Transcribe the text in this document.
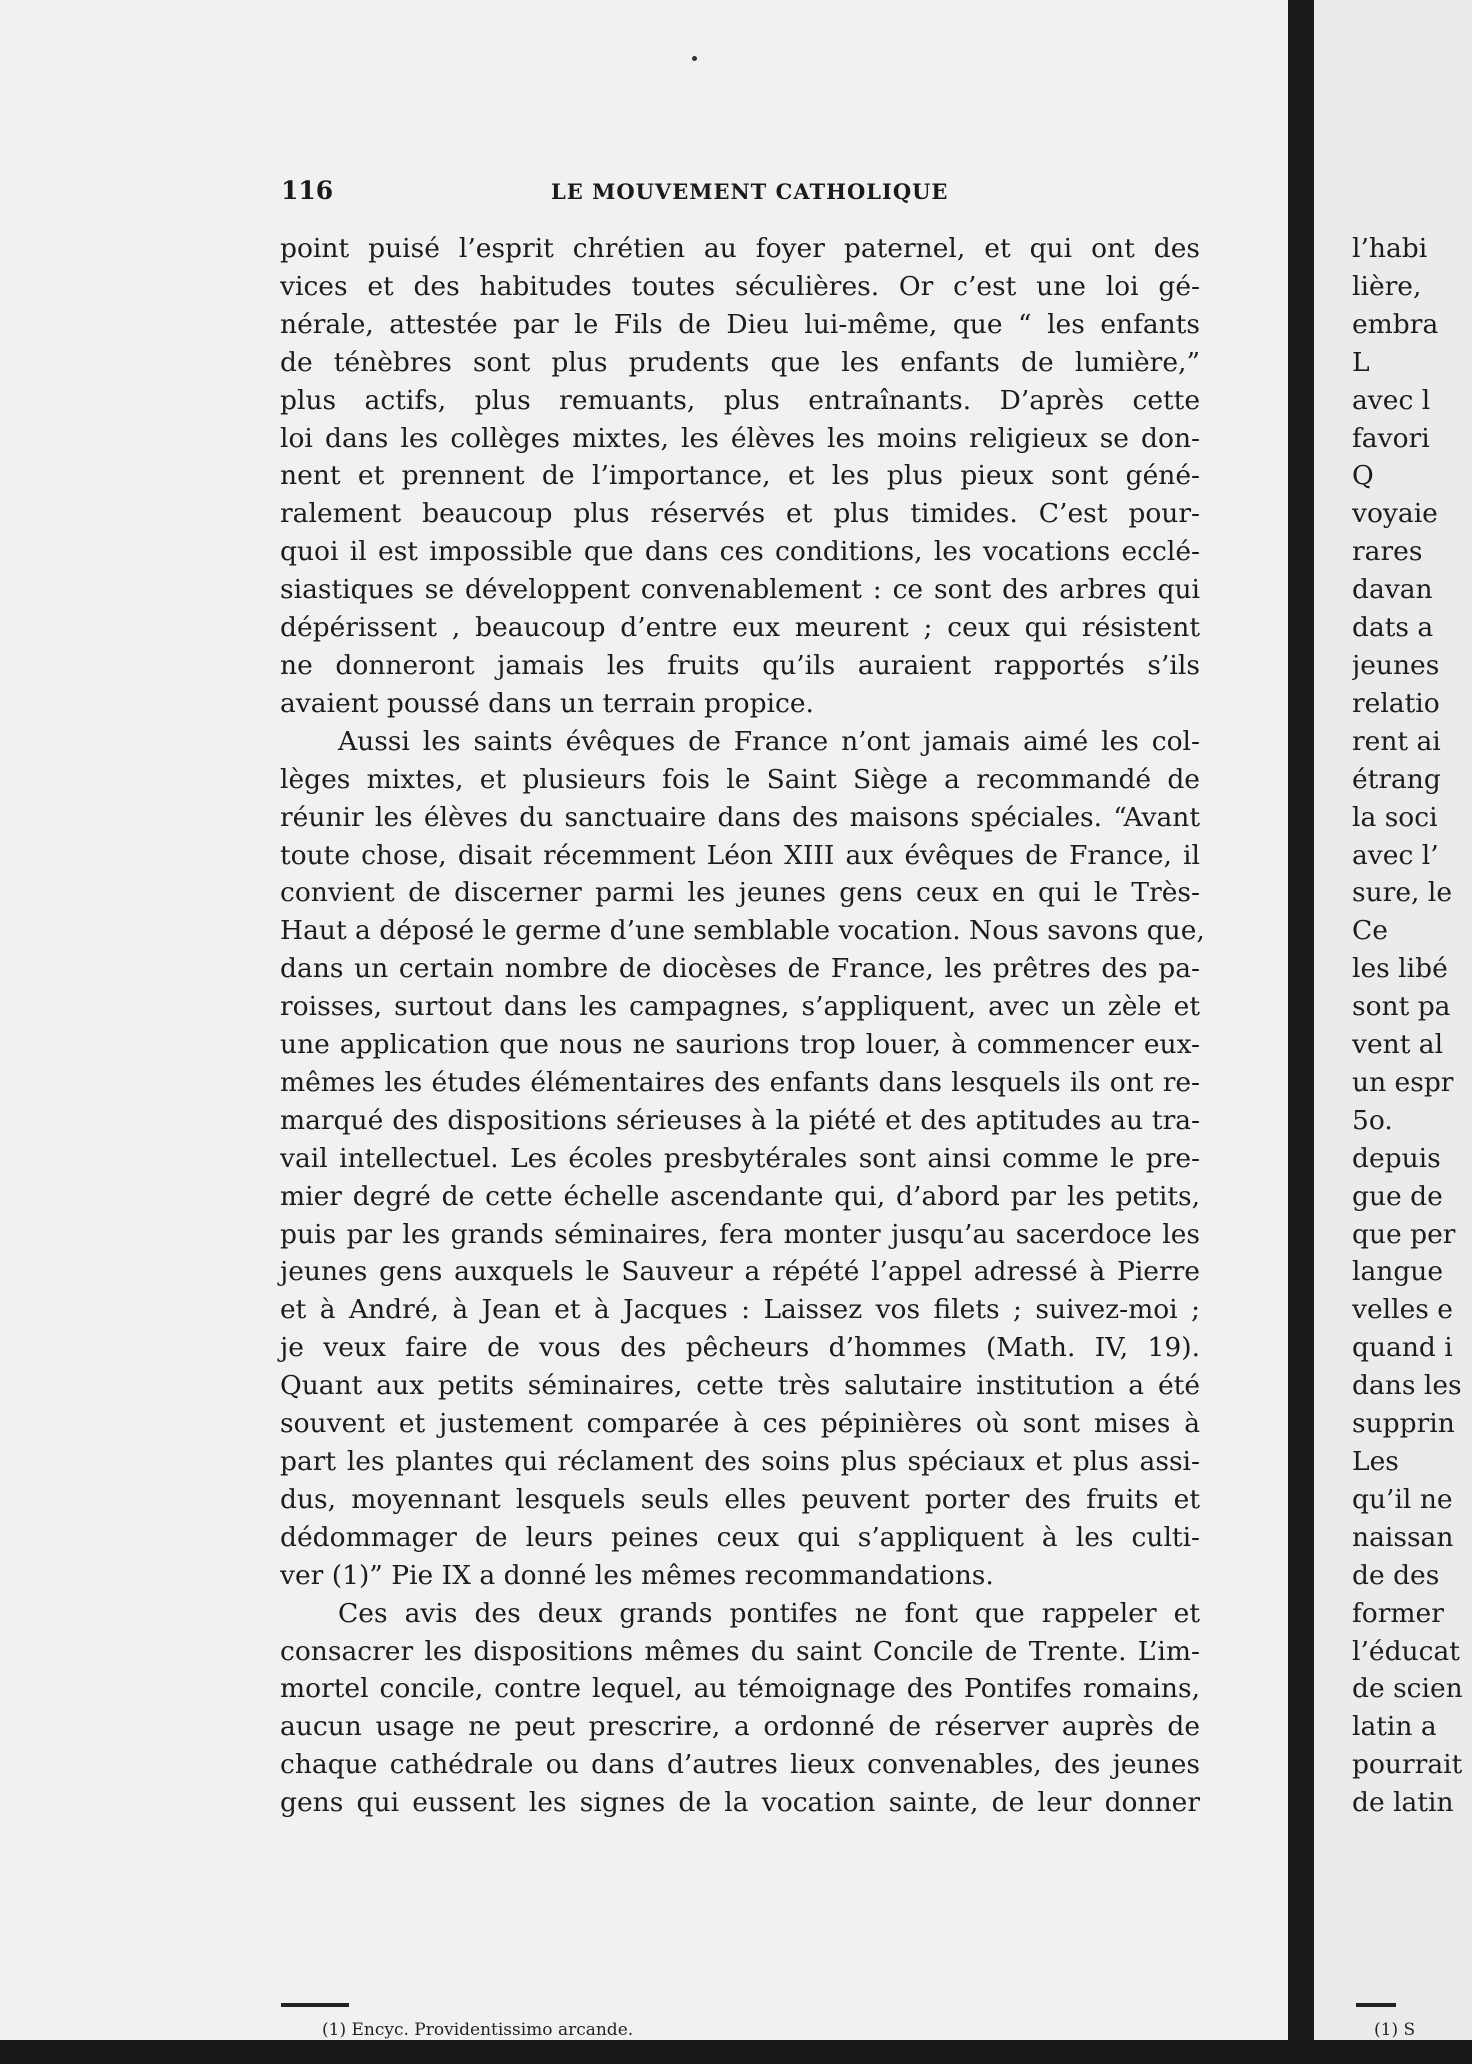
116	LE MOUVEMENT CATHOLIQUE
point puisé l’esprit chrétien au foyer paternel, et qui ont des
vices et des habitudes toutes séculières. Or c’est une loi gé-
nérale, attestée par le Fils de Dieu lui-même, que “ les enfants
de ténèbres sont plus prudents que les enfants de lumière,”
plus actifs, plus remuants, plus entraînants. D’après cette
loi dans les collèges mixtes, les élèves les moins religieux se don-
nent et prennent de l’importance, et les plus pieux sont géné-
ralement beaucoup plus réservés et plus timides. C’est pour-
quoi il est impossible que dans ces conditions, les vocations ecclé-
siastiques se développent convenablement : ce sont des arbres qui
dépérissent , beaucoup d’entre eux meurent ; ceux qui résistent
ne donneront jamais les fruits qu’ils auraient rapportés s’ils
avaient poussé dans un terrain propice.
Aussi les saints évêques de France n’ont jamais aimé les col-
lèges mixtes, et plusieurs fois le Saint Siège a recommandé de
réunir les élèves du sanctuaire dans des maisons spéciales. “Avant
toute chose, disait récemment Léon XIII aux évêques de France, il
convient de discerner parmi les jeunes gens ceux en qui le Très-
Haut a déposé le germe d’une semblable vocation. Nous savons que,
dans un certain nombre de diocèses de France, les prêtres des pa-
roisses, surtout dans les campagnes, s’appliquent, avec un zèle et
une application que nous ne saurions trop louer, à commencer eux-
mêmes les études élémentaires des enfants dans lesquels ils ont re-
marqué des dispositions sérieuses à la piété et des aptitudes au tra-
vail intellectuel. Les écoles presbytérales sont ainsi comme le pre-
mier degré de cette échelle ascendante qui, d’abord par les petits,
puis par les grands séminaires, fera monter jusqu’au sacerdoce les
jeunes gens auxquels le Sauveur a répété l’appel adressé à Pierre
et à André, à Jean et à Jacques : Laissez vos filets ; suivez-moi ;
je veux faire de vous des pêcheurs d’hommes (Math. IV, 19).
Quant aux petits séminaires, cette très salutaire institution a été
souvent et justement comparée à ces pépinières où sont mises à
part les plantes qui réclament des soins plus spéciaux et plus assi-
dus, moyennant lesquels seuls elles peuvent porter des fruits et
dédommager de leurs peines ceux qui s’appliquent à les culti-
ver (1)” Pie IX a donné les mêmes recommandations.
Ces avis des deux grands pontifes ne font que rappeler et
consacrer les dispositions mêmes du saint Concile de Trente. L’im-
mortel concile, contre lequel, au témoignage des Pontifes romains,
aucun usage ne peut prescrire, a ordonné de réserver auprès de
chaque cathédrale ou dans d’autres lieux convenables, des jeunes
gens qui eussent les signes de la vocation sainte, de leur donner
(1) Encyc. Providentissimo arcande.
l’habi
lière,
embra
L
avec l
favori
Q
voyaie
rares
davan
dats a
jeunes
relatio
rent ai
étrang
la soci
avec l’
sure, le
Ce
les libé
sont pa
vent al
un espr
5o.
depuis
gue de
que per
langue
velles e
quand i
dans les
supprin
Les
qu’il ne
naissan
de des
former
l’éducat
de scien
latin a
pourrait
de latin
(1) S
